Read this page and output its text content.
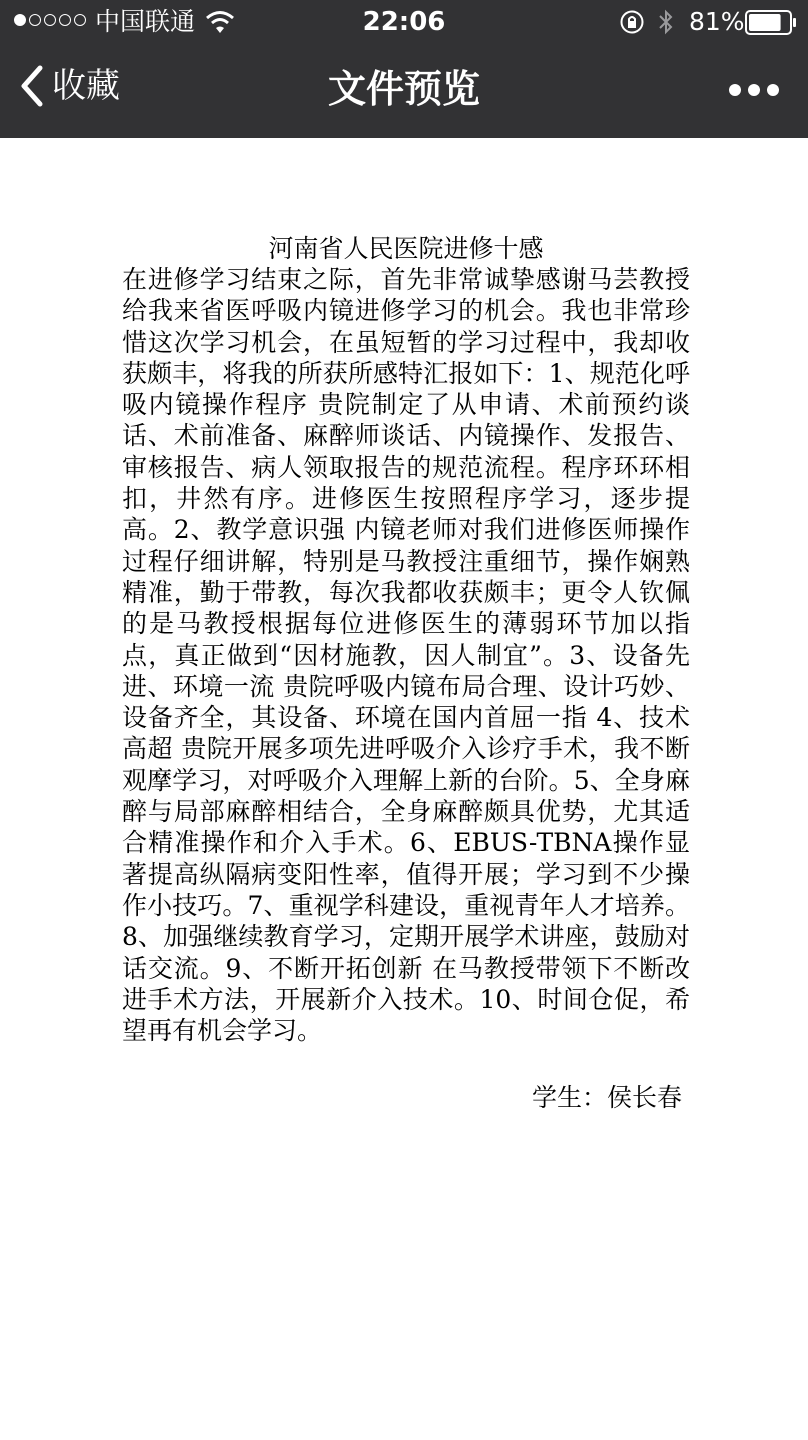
中国联通	22:06	81%
收藏	文件预览

河南省人民医院进修十感

在进修学习结束之际，首先非常诚挚感谢马芸教授给我来省医呼吸内镜进修学习的机会。我也非常珍惜这次学习机会，在虽短暂的学习过程中，我却收获颇丰，将我的所获所感特汇报如下：1、规范化呼吸内镜操作程序 贵院制定了从申请、术前预约谈话、术前准备、麻醉师谈话、内镜操作、发报告、审核报告、病人领取报告的规范流程。程序环环相扣，井然有序。进修医生按照程序学习，逐步提高。2、教学意识强 内镜老师对我们进修医师操作过程仔细讲解，特别是马教授注重细节，操作娴熟精准，勤于带教，每次我都收获颇丰；更令人钦佩的是马教授根据每位进修医生的薄弱环节加以指点，真正做到“因材施教，因人制宜”。3、设备先进、环境一流 贵院呼吸内镜布局合理、设计巧妙、设备齐全，其设备、环境在国内首屈一指 4、技术高超 贵院开展多项先进呼吸介入诊疗手术，我不断观摩学习，对呼吸介入理解上新的台阶。5、全身麻醉与局部麻醉相结合，全身麻醉颇具优势，尤其适合精准操作和介入手术。6、EBUS-TBNA操作显著提高纵隔病变阳性率，值得开展；学习到不少操作小技巧。7、重视学科建设，重视青年人才培养。8、加强继续教育学习，定期开展学术讲座，鼓励对话交流。9、不断开拓创新 在马教授带领下不断改进手术方法，开展新介入技术。10、时间仓促，希望再有机会学习。

学生：侯长春
